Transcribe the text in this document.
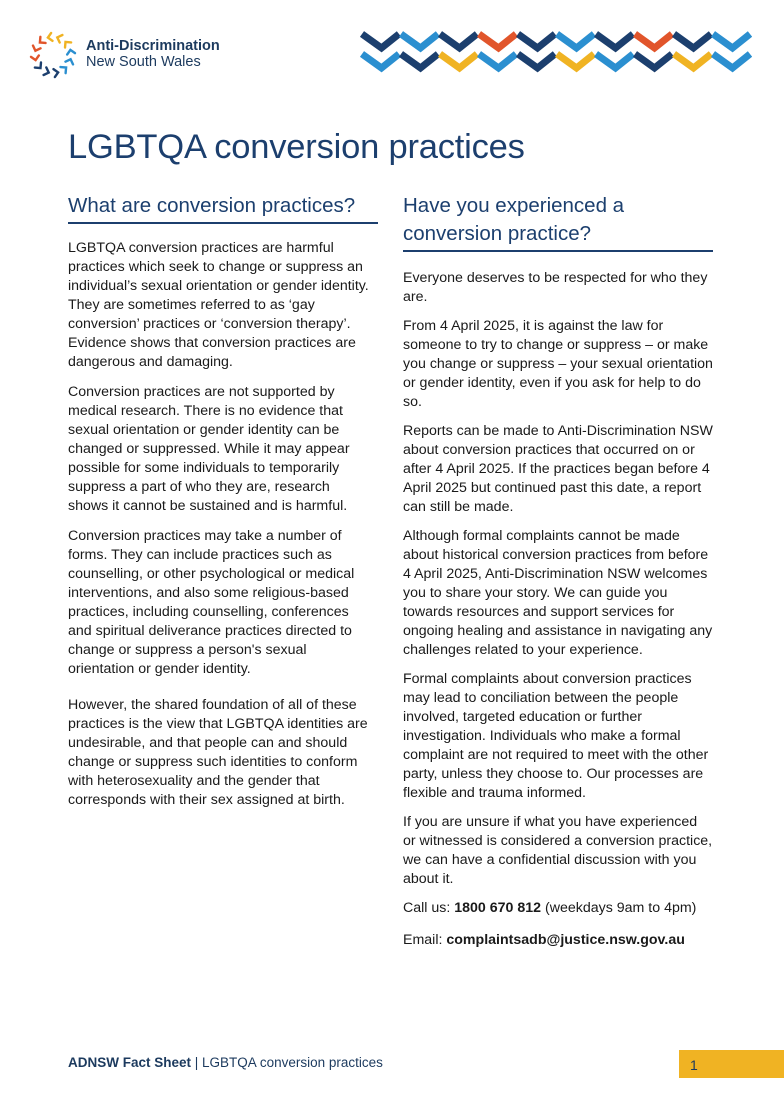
Anti-Discrimination
New South Wales
LGBTQA conversion practices
What are conversion practices?

LGBTQA conversion practices are harmful practices which seek to change or suppress an individual’s sexual orientation or gender identity. They are sometimes referred to as ‘gay conversion’ practices or ‘conversion therapy’. Evidence shows that conversion practices are dangerous and damaging.

Conversion practices are not supported by medical research. There is no evidence that sexual orientation or gender identity can be changed or suppressed. While it may appear possible for some individuals to temporarily suppress a part of who they are, research shows it cannot be sustained and is harmful.

Conversion practices may take a number of forms. They can include practices such as counselling, or other psychological or medical interventions, and also some religious-based practices, including counselling, conferences and spiritual deliverance practices directed to change or suppress a person's sexual orientation or gender identity.

However, the shared foundation of all of these practices is the view that LGBTQA identities are undesirable, and that people can and should change or suppress such identities to conform with heterosexuality and the gender that corresponds with their sex assigned at birth.

Have you experienced a conversion practice?

Everyone deserves to be respected for who they are.

From 4 April 2025, it is against the law for someone to try to change or suppress – or make you change or suppress – your sexual orientation or gender identity, even if you ask for help to do so.

Reports can be made to Anti-Discrimination NSW about conversion practices that occurred on or after 4 April 2025. If the practices began before 4 April 2025 but continued past this date, a report can still be made.

Although formal complaints cannot be made about historical conversion practices from before 4 April 2025, Anti-Discrimination NSW welcomes you to share your story. We can guide you towards resources and support services for ongoing healing and assistance in navigating any challenges related to your experience.

Formal complaints about conversion practices may lead to conciliation between the people involved, targeted education or further investigation. Individuals who make a formal complaint are not required to meet with the other party, unless they choose to. Our processes are flexible and trauma informed.

If you are unsure if what you have experienced or witnessed is considered a conversion practice, we can have a confidential discussion with you about it.

Call us: 1800 670 812 (weekdays 9am to 4pm)

Email: complaintsadb@justice.nsw.gov.au

ADNSW Fact Sheet | LGBTQA conversion practices	1
